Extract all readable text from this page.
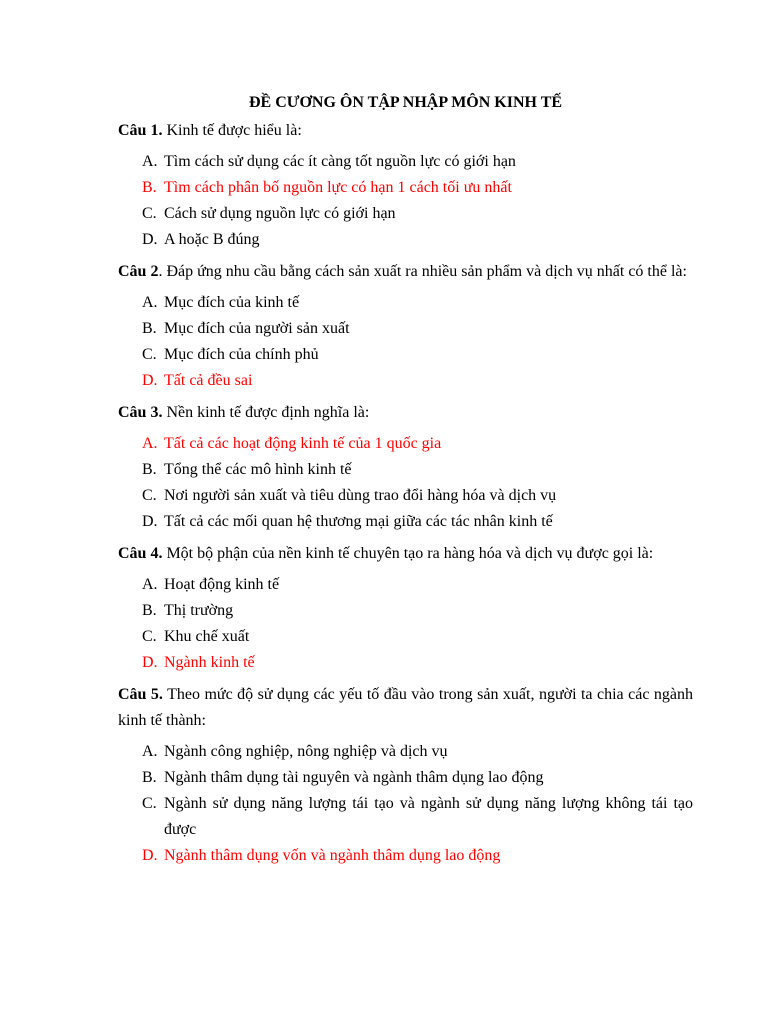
ĐỀ CƯƠNG ÔN TẬP NHẬP MÔN KINH TẾ

Câu 1. Kinh tế được hiểu là:

A. Tìm cách sử dụng các ít càng tốt nguồn lực có giới hạn
B. Tìm cách phân bố nguồn lực có hạn 1 cách tối ưu nhất
C. Cách sử dụng nguồn lực có giới hạn
D. A hoặc B đúng

Câu 2. Đáp ứng nhu cầu bằng cách sản xuất ra nhiều sản phẩm và dịch vụ nhất có thể là:

A. Mục đích của kinh tế
B. Mục đích của người sản xuất
C. Mục đích của chính phủ
D. Tất cả đều sai

Câu 3. Nền kinh tế được định nghĩa là:

A. Tất cả các hoạt động kinh tế của 1 quốc gia
B. Tổng thể các mô hình kinh tế
C. Nơi người sản xuất và tiêu dùng trao đổi hàng hóa và dịch vụ
D. Tất cả các mối quan hệ thương mại giữa các tác nhân kinh tế

Câu 4. Một bộ phận của nền kinh tế chuyên tạo ra hàng hóa và dịch vụ được gọi là:

A. Hoạt động kinh tế
B. Thị trường
C. Khu chế xuất
D. Ngành kinh tế

Câu 5. Theo mức độ sử dụng các yếu tố đầu vào trong sản xuất, người ta chia các ngành kinh tế thành:

A. Ngành công nghiệp, nông nghiệp và dịch vụ
B. Ngành thâm dụng tài nguyên và ngành thâm dụng lao động
C. Ngành sử dụng năng lượng tái tạo và ngành sử dụng năng lượng không tái tạo được
D. Ngành thâm dụng vốn và ngành thâm dụng lao động
